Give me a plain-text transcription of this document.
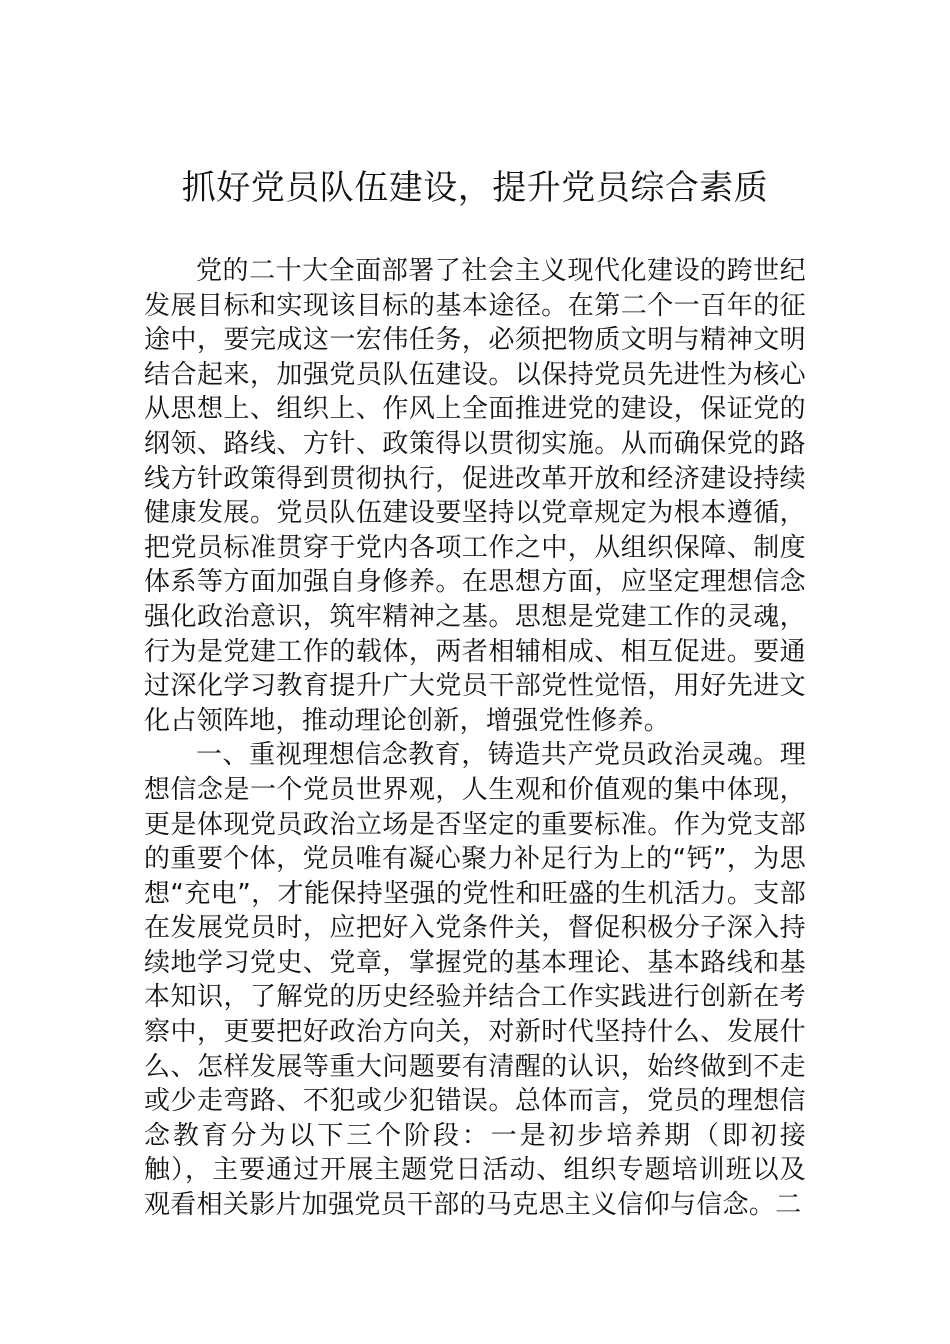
抓好党员队伍建设，提升党员综合素质

党的二十大全面部署了社会主义现代化建设的跨世纪发展目标和实现该目标的基本途径。在第二个一百年的征途中，要完成这一宏伟任务，必须把物质文明与精神文明结合起来，加强党员队伍建设。以保持党员先进性为核心从思想上、组织上、作风上全面推进党的建设，保证党的纲领、路线、方针、政策得以贯彻实施。从而确保党的路线方针政策得到贯彻执行，促进改革开放和经济建设持续健康发展。党员队伍建设要坚持以党章规定为根本遵循，把党员标准贯穿于党内各项工作之中，从组织保障、制度体系等方面加强自身修养。在思想方面，应坚定理想信念强化政治意识，筑牢精神之基。思想是党建工作的灵魂，行为是党建工作的载体，两者相辅相成、相互促进。要通过深化学习教育提升广大党员干部党性觉悟，用好先进文化占领阵地，推动理论创新，增强党性修养。

一、重视理想信念教育，铸造共产党员政治灵魂。理想信念是一个党员世界观，人生观和价值观的集中体现，更是体现党员政治立场是否坚定的重要标准。作为党支部的重要个体，党员唯有凝心聚力补足行为上的“钙”，为思想“充电”，才能保持坚强的党性和旺盛的生机活力。支部在发展党员时，应把好入党条件关，督促积极分子深入持续地学习党史、党章，掌握党的基本理论、基本路线和基本知识，了解党的历史经验并结合工作实践进行创新在考察中，更要把好政治方向关，对新时代坚持什么、发展什么、怎样发展等重大问题要有清醒的认识，始终做到不走或少走弯路、不犯或少犯错误。总体而言，党员的理想信念教育分为以下三个阶段：一是初步培养期（即初接触），主要通过开展主题党日活动、组织专题培训班以及观看相关影片加强党员干部的马克思主义信仰与信念。二
